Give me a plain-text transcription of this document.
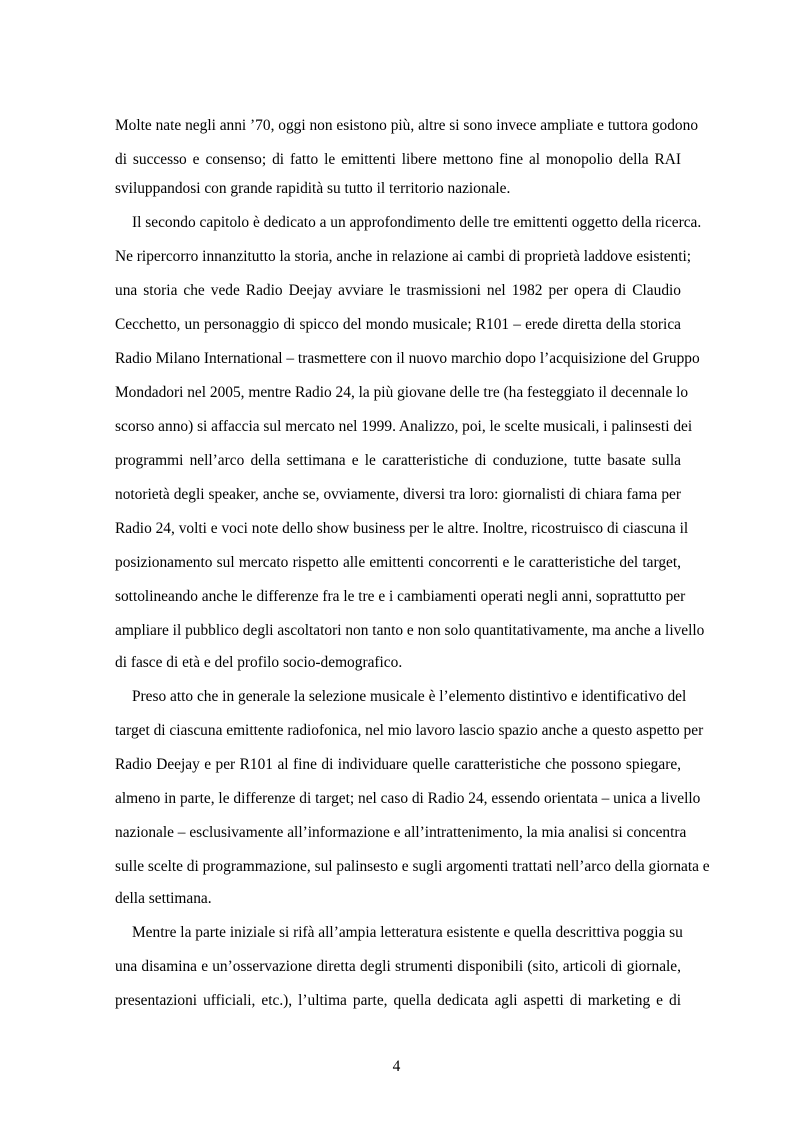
Molte nate negli anni ’70, oggi non esistono più, altre si sono invece ampliate e tuttora godono
di successo e consenso; di fatto le emittenti libere mettono fine al monopolio della RAI
sviluppandosi con grande rapidità su tutto il territorio nazionale.
Il secondo capitolo è dedicato a un approfondimento delle tre emittenti oggetto della ricerca.
Ne ripercorro innanzitutto la storia, anche in relazione ai cambi di proprietà laddove esistenti;
una storia che vede Radio Deejay avviare le trasmissioni nel 1982 per opera di Claudio
Cecchetto, un personaggio di spicco del mondo musicale; R101 – erede diretta della storica
Radio Milano International – trasmettere con il nuovo marchio dopo l’acquisizione del Gruppo
Mondadori nel 2005, mentre Radio 24, la più giovane delle tre (ha festeggiato il decennale lo
scorso anno) si affaccia sul mercato nel 1999. Analizzo, poi, le scelte musicali, i palinsesti dei
programmi nell’arco della settimana e le caratteristiche di conduzione, tutte basate sulla
notorietà degli speaker, anche se, ovviamente, diversi tra loro: giornalisti di chiara fama per
Radio 24, volti e voci note dello show business per le altre. Inoltre, ricostruisco di ciascuna il
posizionamento sul mercato rispetto alle emittenti concorrenti e le caratteristiche del target,
sottolineando anche le differenze fra le tre e i cambiamenti operati negli anni, soprattutto per
ampliare il pubblico degli ascoltatori non tanto e non solo quantitativamente, ma anche a livello
di fasce di età e del profilo socio-demografico.
Preso atto che in generale la selezione musicale è l’elemento distintivo e identificativo del
target di ciascuna emittente radiofonica, nel mio lavoro lascio spazio anche a questo aspetto per
Radio Deejay e per R101 al fine di individuare quelle caratteristiche che possono spiegare,
almeno in parte, le differenze di target; nel caso di Radio 24, essendo orientata – unica a livello
nazionale – esclusivamente all’informazione e all’intrattenimento, la mia analisi si concentra
sulle scelte di programmazione, sul palinsesto e sugli argomenti trattati nell’arco della giornata e
della settimana.
Mentre la parte iniziale si rifà all’ampia letteratura esistente e quella descrittiva poggia su
una disamina e un’osservazione diretta degli strumenti disponibili (sito, articoli di giornale,
presentazioni ufficiali, etc.), l’ultima parte, quella dedicata agli aspetti di marketing e di
4
